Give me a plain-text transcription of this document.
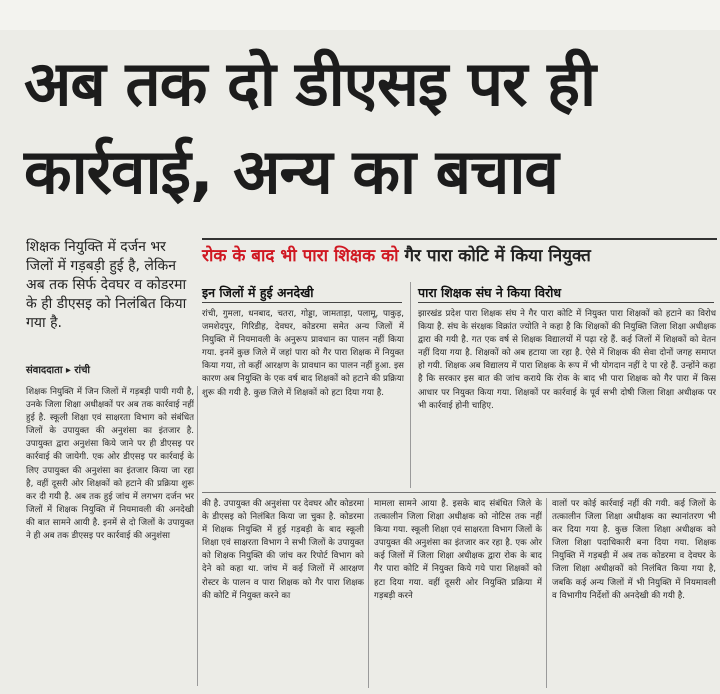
अब तक दो डीएसइ पर ही
कार्रवाई, अन्य का बचाव
शिक्षक नियुक्ति में दर्जन भर जिलों में गड़बड़ी हुई है, लेकिन अब तक सिर्फ देवघर व कोडरमा के ही डीएसइ को निलंबित किया गया है.
संवाददाता ▸ रांची
रोक के बाद भी पारा शिक्षक को गैर पारा कोटि में किया नियुक्त
इन जिलों में हुई अनदेखी
रांची, गुमला, धनबाद, चतरा, गोड्डा, जामताड़ा, पलामू, पाकुड़, जमशेदपुर, गिरिडीह, देवघर, कोडरमा समेत अन्य जिलों में नियुक्ति में नियमावली के अनुरूप प्रावधान का पालन नहीं किया गया. इनमें कुछ जिले में जहां पारा को गैर पारा शिक्षक में नियुक्त किया गया, तो कहीं आरक्षण के प्रावधान का पालन नहीं हुआ. इस कारण अब नियुक्ति के एक वर्ष बाद शिक्षकों को हटाने की प्रक्रिया शुरू की गयी है. कुछ जिले में शिक्षकों को हटा दिया गया है.
पारा शिक्षक संघ ने किया विरोध
झारखंड प्रदेश पारा शिक्षक संघ ने गैर पारा कोटि में नियुक्त पारा शिक्षकों को हटाने का विरोध किया है. संघ के संरक्षक विक्रांत ज्योति ने कहा है कि शिक्षकों की नियुक्ति जिला शिक्षा अधीक्षक द्वारा की गयी है. गत एक वर्ष से शिक्षक विद्यालयों में पढ़ा रहे हैं. कई जिलों में शिक्षकों को वेतन नहीं दिया गया है. शिक्षकों को अब हटाया जा रहा है. ऐसे में शिक्षक की सेवा दोनों जगह समाप्त हो गयी. शिक्षक अब विद्यालय में पारा शिक्षक के रूप में भी योगदान नहीं दे पा रहे हैं. उन्होंने कहा है कि सरकार इस बात की जांच कराये कि रोक के बाद भी पारा शिक्षक को गैर पारा में किस आधार पर नियुक्त किया गया. शिक्षकों पर कार्रवाई के पूर्व सभी दोषी जिला शिक्षा अधीक्षक पर भी कार्रवाई होनी चाहिए.
शिक्षक नियुक्ति में जिन जिलों में गड़बड़ी पायी गयी है, उनके जिला शिक्षा अधीक्षकों पर अब तक कार्रवाई नहीं हुई है. स्कूली शिक्षा एवं साक्षरता विभाग को संबंधित जिलों के उपायुक्त की अनुशंसा का इंतजार है. उपायुक्त द्वारा अनुशंसा किये जाने पर ही डीएसइ पर कार्रवाई की जायेगी. एक ओर डीएसइ पर कार्रवाई के लिए उपायुक्त की अनुशंसा का इंतजार किया जा रहा है, वहीं दूसरी ओर शिक्षकों को हटाने की प्रक्रिया शुरू कर दी गयी है. अब तक हुई जांच में लगभग दर्जन भर जिलों में शिक्षक नियुक्ति में नियमावली की अनदेखी की बात सामने आयी है. इनमें से दो जिलों के उपायुक्त ने ही अब तक डीएसइ पर कार्रवाई की अनुशंसा
की है. उपायुक्त की अनुशंसा पर देवघर और कोडरमा के डीएसइ को निलंबित किया जा चुका है. कोडरमा में शिक्षक नियुक्ति में हुई गड़बड़ी के बाद स्कूली शिक्षा एवं साक्षरता विभाग ने सभी जिलों के उपायुक्त को शिक्षक नियुक्ति की जांच कर रिपोर्ट विभाग को देने को कहा था. जांच में कई जिलों में आरक्षण रोस्टर के पालन व पारा शिक्षक को गैर पारा शिक्षक की कोटि में नियुक्त करने का
मामला सामने आया है. इसके बाद संबंधित जिले के तत्कालीन जिला शिक्षा अधीक्षक को नोटिस तक नहीं किया गया. स्कूली शिक्षा एवं साक्षरता विभाग जिलों के उपायुक्त की अनुशंसा का इंतजार कर रहा है. एक ओर कई जिलों में जिला शिक्षा अधीक्षक द्वारा रोक के बाद गैर पारा कोटि में नियुक्त किये गये पारा शिक्षकों को हटा दिया गया. वहीं दूसरी ओर नियुक्ति प्रक्रिया में गड़बड़ी करने
वालों पर कोई कार्रवाई नहीं की गयी. कई जिलों के तत्कालीन जिला शिक्षा अधीक्षक का स्थानांतरण भी कर दिया गया है. कुछ जिला शिक्षा अधीक्षक को जिला शिक्षा पदाधिकारी बना दिया गया. शिक्षक नियुक्ति में गड़बड़ी में अब तक कोडरमा व देवघर के जिला शिक्षा अधीक्षकों को निलंबित किया गया है, जबकि कई अन्य जिलों में भी नियुक्ति में नियमावली व विभागीय निर्देशों की अनदेखी की गयी है.
